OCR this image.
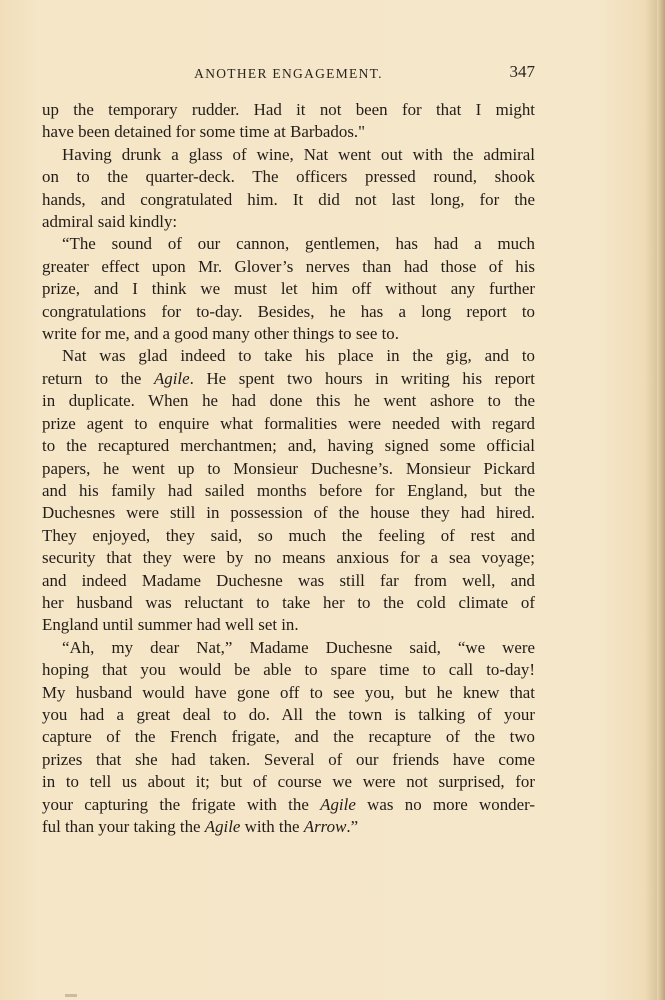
ANOTHER ENGAGEMENT.	347
up the temporary rudder. Had it not been for that I might
have been detained for some time at Barbados."
Having drunk a glass of wine, Nat went out with the admiral
on to the quarter-deck. The officers pressed round, shook
hands, and congratulated him. It did not last long, for the
admiral said kindly:
“The sound of our cannon, gentlemen, has had a much
greater effect upon Mr. Glover’s nerves than had those of his
prize, and I think we must let him off without any further
congratulations for to-day. Besides, he has a long report to
write for me, and a good many other things to see to.
Nat was glad indeed to take his place in the gig, and to
return to the Agile. He spent two hours in writing his report
in duplicate. When he had done this he went ashore to the
prize agent to enquire what formalities were needed with regard
to the recaptured merchantmen; and, having signed some official
papers, he went up to Monsieur Duchesne’s. Monsieur Pickard
and his family had sailed months before for England, but the
Duchesnes were still in possession of the house they had hired.
They enjoyed, they said, so much the feeling of rest and
security that they were by no means anxious for a sea voyage;
and indeed Madame Duchesne was still far from well, and
her husband was reluctant to take her to the cold climate of
England until summer had well set in.
“Ah, my dear Nat,” Madame Duchesne said, “we were
hoping that you would be able to spare time to call to-day!
My husband would have gone off to see you, but he knew that
you had a great deal to do. All the town is talking of your
capture of the French frigate, and the recapture of the two
prizes that she had taken. Several of our friends have come
in to tell us about it; but of course we were not surprised, for
your capturing the frigate with the Agile was no more wonder-
ful than your taking the Agile with the Arrow.”
